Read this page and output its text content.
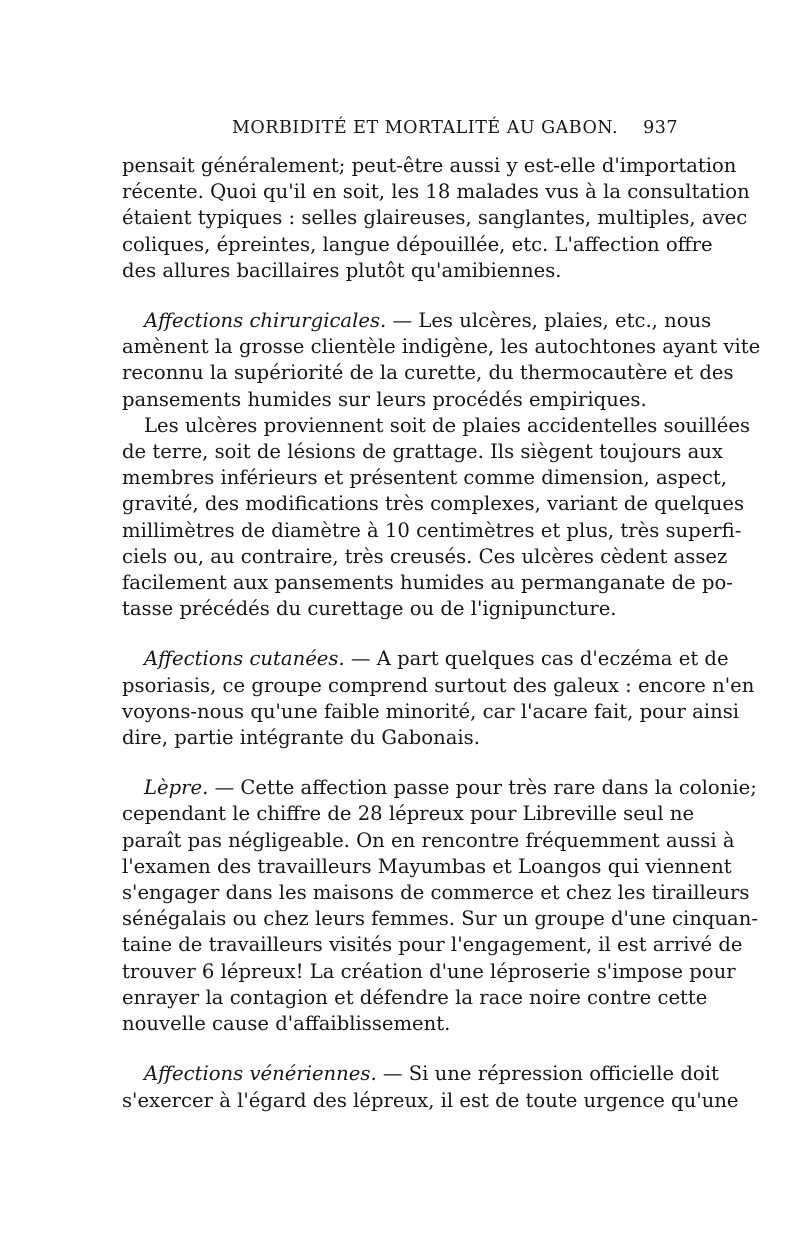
MORBIDITÉ ET MORTALITÉ AU GABON. 937
pensait généralement; peut-être aussi y est-elle d'importation
récente. Quoi qu'il en soit, les 18 malades vus à la consultation
étaient typiques : selles glaireuses, sanglantes, multiples, avec
coliques, épreintes, langue dépouillée, etc. L'affection offre
des allures bacillaires plutôt qu'amibiennes.
Affections chirurgicales. — Les ulcères, plaies, etc., nous
amènent la grosse clientèle indigène, les autochtones ayant vite
reconnu la supériorité de la curette, du thermocautère et des
pansements humides sur leurs procédés empiriques.
Les ulcères proviennent soit de plaies accidentelles souillées
de terre, soit de lésions de grattage. Ils siègent toujours aux
membres inférieurs et présentent comme dimension, aspect,
gravité, des modifications très complexes, variant de quelques
millimètres de diamètre à 10 centimètres et plus, très superfi-
ciels ou, au contraire, très creusés. Ces ulcères cèdent assez
facilement aux pansements humides au permanganate de po-
tasse précédés du curettage ou de l'ignipuncture.
Affections cutanées. — A part quelques cas d'eczéma et de
psoriasis, ce groupe comprend surtout des galeux : encore n'en
voyons-nous qu'une faible minorité, car l'acare fait, pour ainsi
dire, partie intégrante du Gabonais.
Lèpre. — Cette affection passe pour très rare dans la colonie;
cependant le chiffre de 28 lépreux pour Libreville seul ne
paraît pas négligeable. On en rencontre fréquemment aussi à
l'examen des travailleurs Mayumbas et Loangos qui viennent
s'engager dans les maisons de commerce et chez les tirailleurs
sénégalais ou chez leurs femmes. Sur un groupe d'une cinquan-
taine de travailleurs visités pour l'engagement, il est arrivé de
trouver 6 lépreux! La création d'une léproserie s'impose pour
enrayer la contagion et défendre la race noire contre cette
nouvelle cause d'affaiblissement.
Affections vénériennes. — Si une répression officielle doit
s'exercer à l'égard des lépreux, il est de toute urgence qu'une
